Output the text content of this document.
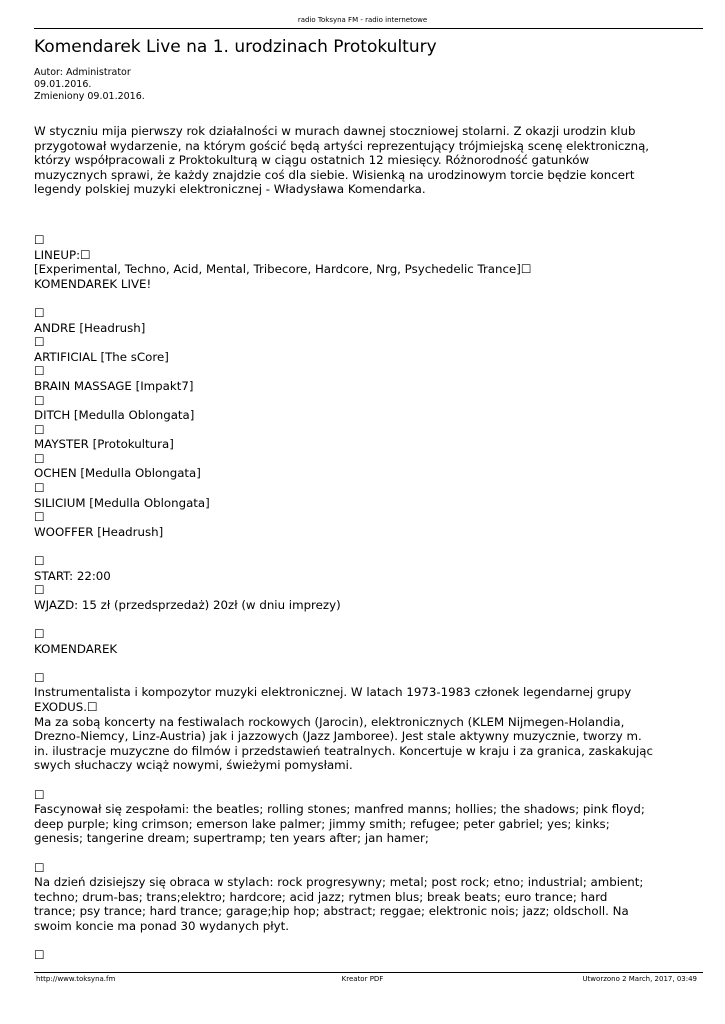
radio Toksyna FM - radio internetowe
Komendarek Live na 1. urodzinach Protokultury
Autor: Administrator
09.01.2016.
Zmieniony 09.01.2016.

W styczniu mija pierwszy rok działalności w murach dawnej stoczniowej stolarni. Z okazji urodzin klub
przygotował wydarzenie, na którym gościć będą artyści reprezentujący trójmiejską scenę elektroniczną,
którzy współpracowali z Proktokulturą w ciągu ostatnich 12 miesięcy. Różnorodność gatunków
muzycznych sprawi, że każdy znajdzie coś dla siebie. Wisienką na urodzinowym torcie będzie koncert
legendy polskiej muzyki elektronicznej - Władysława Komendarka.

☐
LINEUP:☐
[Experimental, Techno, Acid, Mental, Tribecore, Hardcore, Nrg, Psychedelic Trance]☐
KOMENDAREK LIVE!

☐
ANDRE [Headrush]
☐
ARTIFICIAL [The sCore]
☐
BRAIN MASSAGE [Impakt7]
☐
DITCH [Medulla Oblongata]
☐
MAYSTER [Protokultura]
☐
OCHEN [Medulla Oblongata]
☐
SILICIUM [Medulla Oblongata]
☐
WOOFFER [Headrush]

☐
START: 22:00
☐
WJAZD: 15 zł (przedsprzedaż) 20zł (w dniu imprezy)

☐
KOMENDAREK

☐
Instrumentalista i kompozytor muzyki elektronicznej. W latach 1973-1983 członek legendarnej grupy
EXODUS.☐
Ma za sobą koncerty na festiwalach rockowych (Jarocin), elektronicznych (KLEM Nijmegen-Holandia,
Drezno-Niemcy, Linz-Austria) jak i jazzowych (Jazz Jamboree). Jest stale aktywny muzycznie, tworzy m.
in. ilustracje muzyczne do filmów i przedstawień teatralnych. Koncertuje w kraju i za granica, zaskakując
swych słuchaczy wciąż nowymi, świeżymi pomysłami.

☐
Fascynował się zespołami: the beatles; rolling stones; manfred manns; hollies; the shadows; pink floyd;
deep purple; king crimson; emerson lake palmer; jimmy smith; refugee; peter gabriel; yes; kinks;
genesis; tangerine dream; supertramp; ten years after; jan hamer;

☐
Na dzień dzisiejszy się obraca w stylach: rock progresywny; metal; post rock; etno; industrial; ambient;
techno; drum-bas; trans;elektro; hardcore; acid jazz; rytmen blus; break beats; euro trance; hard
trance; psy trance; hard trance; garage;hip hop; abstract; reggae; elektronic nois; jazz; oldscholl. Na
swoim koncie ma ponad 30 wydanych płyt.

☐

http://www.toksyna.fm	Kreator PDF	Utworzono 2 March, 2017, 03:49
